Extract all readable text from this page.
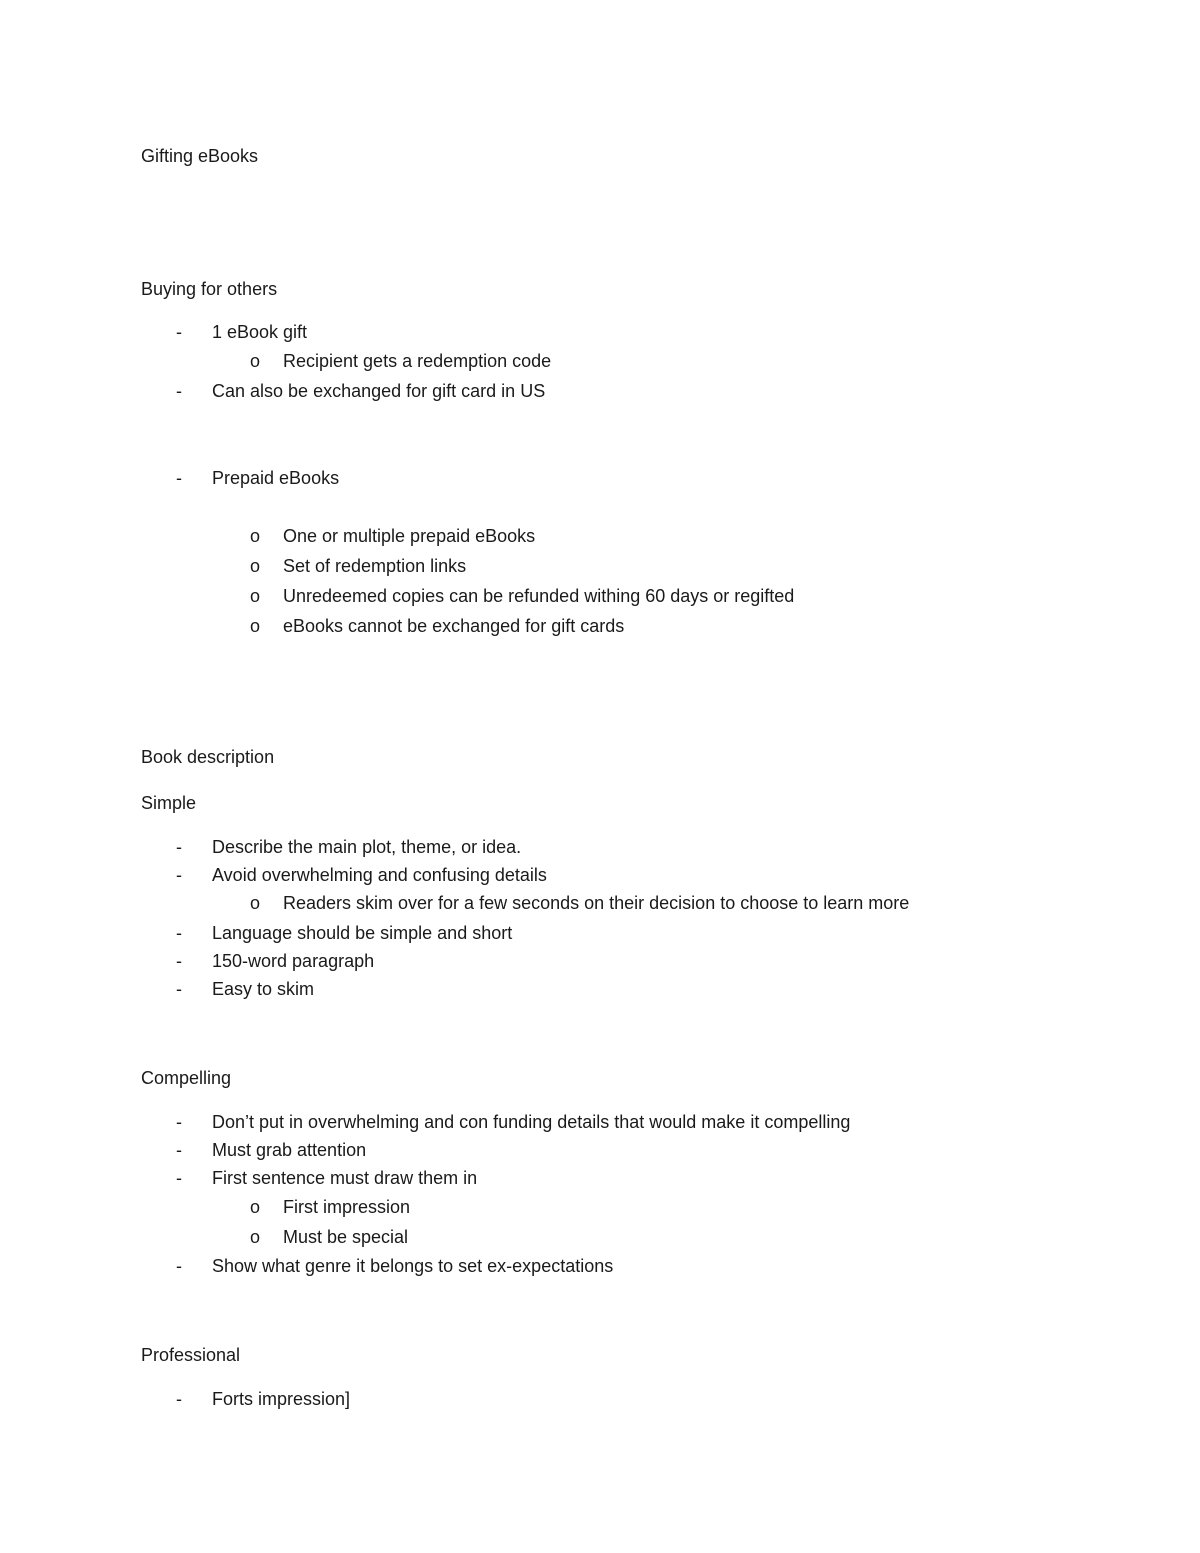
Gifting eBooks
Buying for others
- 1 eBook gift
o Recipient gets a redemption code
- Can also be exchanged for gift card in US
- Prepaid eBooks
o One or multiple prepaid eBooks
o Set of redemption links
o Unredeemed copies can be refunded withing 60 days or regifted
o eBooks cannot be exchanged for gift cards
Book description
Simple
- Describe the main plot, theme, or idea.
- Avoid overwhelming and confusing details
o Readers skim over for a few seconds on their decision to choose to learn more
- Language should be simple and short
- 150-word paragraph
- Easy to skim
Compelling
- Don’t put in overwhelming and con funding details that would make it compelling
- Must grab attention
- First sentence must draw them in
o First impression
o Must be special
- Show what genre it belongs to set ex-expectations
Professional
- Forts impression]
